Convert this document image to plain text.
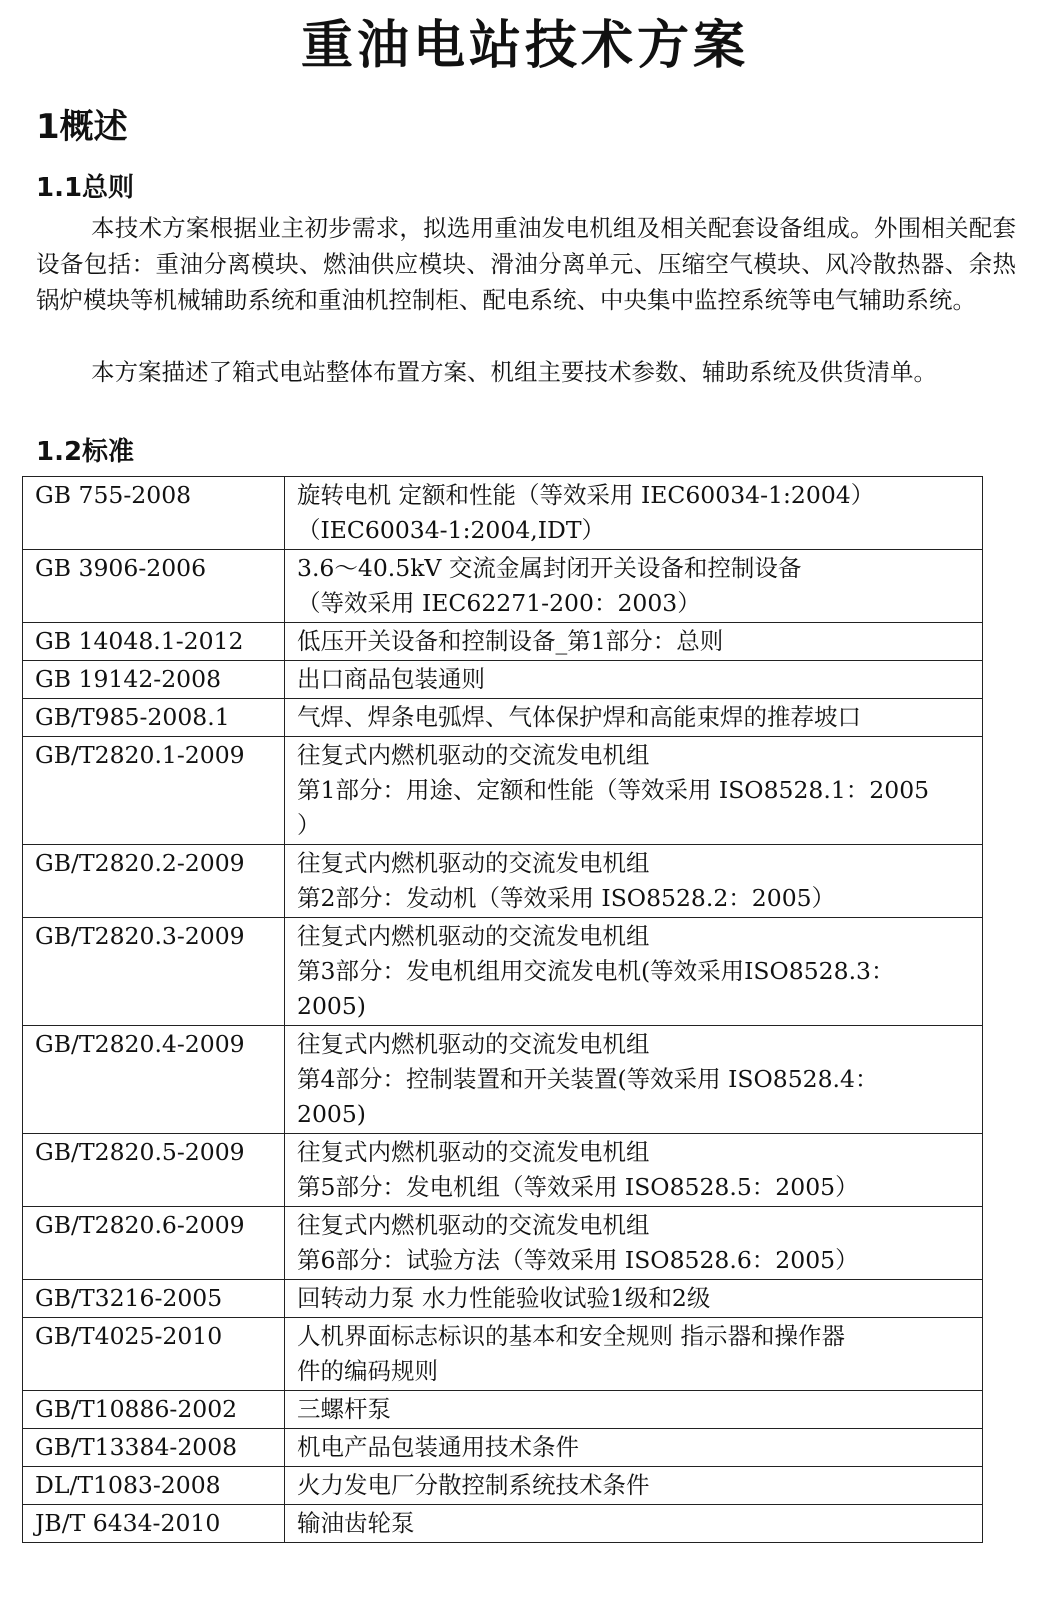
重油电站技术方案
1概述
1.1总则

本技术方案根据业主初步需求，拟选用重油发电机组及相关配套设备组成。外围相关配套设备包括：重油分离模块、燃油供应模块、滑油分离单元、压缩空气模块、风冷散热器、余热锅炉模块等机械辅助系统和重油机控制柜、配电系统、中央集中监控系统等电气辅助系统。

本方案描述了箱式电站整体布置方案、机组主要技术参数、辅助系统及供货清单。

1.2标准
GB 755-2008	旋转电机 定额和性能（等效采用 IEC60034-1:2004）
（IEC60034-1:2004,IDT）

GB 3906-2006	3.6～40.5kV 交流金属封闭开关设备和控制设备
（等效采用 IEC62271-200：2003）

GB 14048.1-2012	低压开关设备和控制设备_第1部分：总则

GB 19142-2008	出口商品包装通则

GB/T985-2008.1	气焊、焊条电弧焊、气体保护焊和高能束焊的推荐坡口

GB/T2820.1-2009	往复式内燃机驱动的交流发电机组
第1部分：用途、定额和性能（等效采用 ISO8528.1：2005
）

GB/T2820.2-2009	往复式内燃机驱动的交流发电机组
第2部分：发动机（等效采用 ISO8528.2：2005）

GB/T2820.3-2009	往复式内燃机驱动的交流发电机组
第3部分：发电机组用交流发电机(等效采用ISO8528.3：
2005)

GB/T2820.4-2009	往复式内燃机驱动的交流发电机组
第4部分：控制装置和开关装置(等效采用 ISO8528.4：
2005)

GB/T2820.5-2009	往复式内燃机驱动的交流发电机组
第5部分：发电机组（等效采用 ISO8528.5：2005）

GB/T2820.6-2009	往复式内燃机驱动的交流发电机组
第6部分：试验方法（等效采用 ISO8528.6：2005）

GB/T3216-2005	回转动力泵 水力性能验收试验1级和2级

GB/T4025-2010	人机界面标志标识的基本和安全规则 指示器和操作器
件的编码规则

GB/T10886-2002	三螺杆泵

GB/T13384-2008	机电产品包装通用技术条件

DL/T1083-2008	火力发电厂分散控制系统技术条件

JB/T 6434-2010	输油齿轮泵
